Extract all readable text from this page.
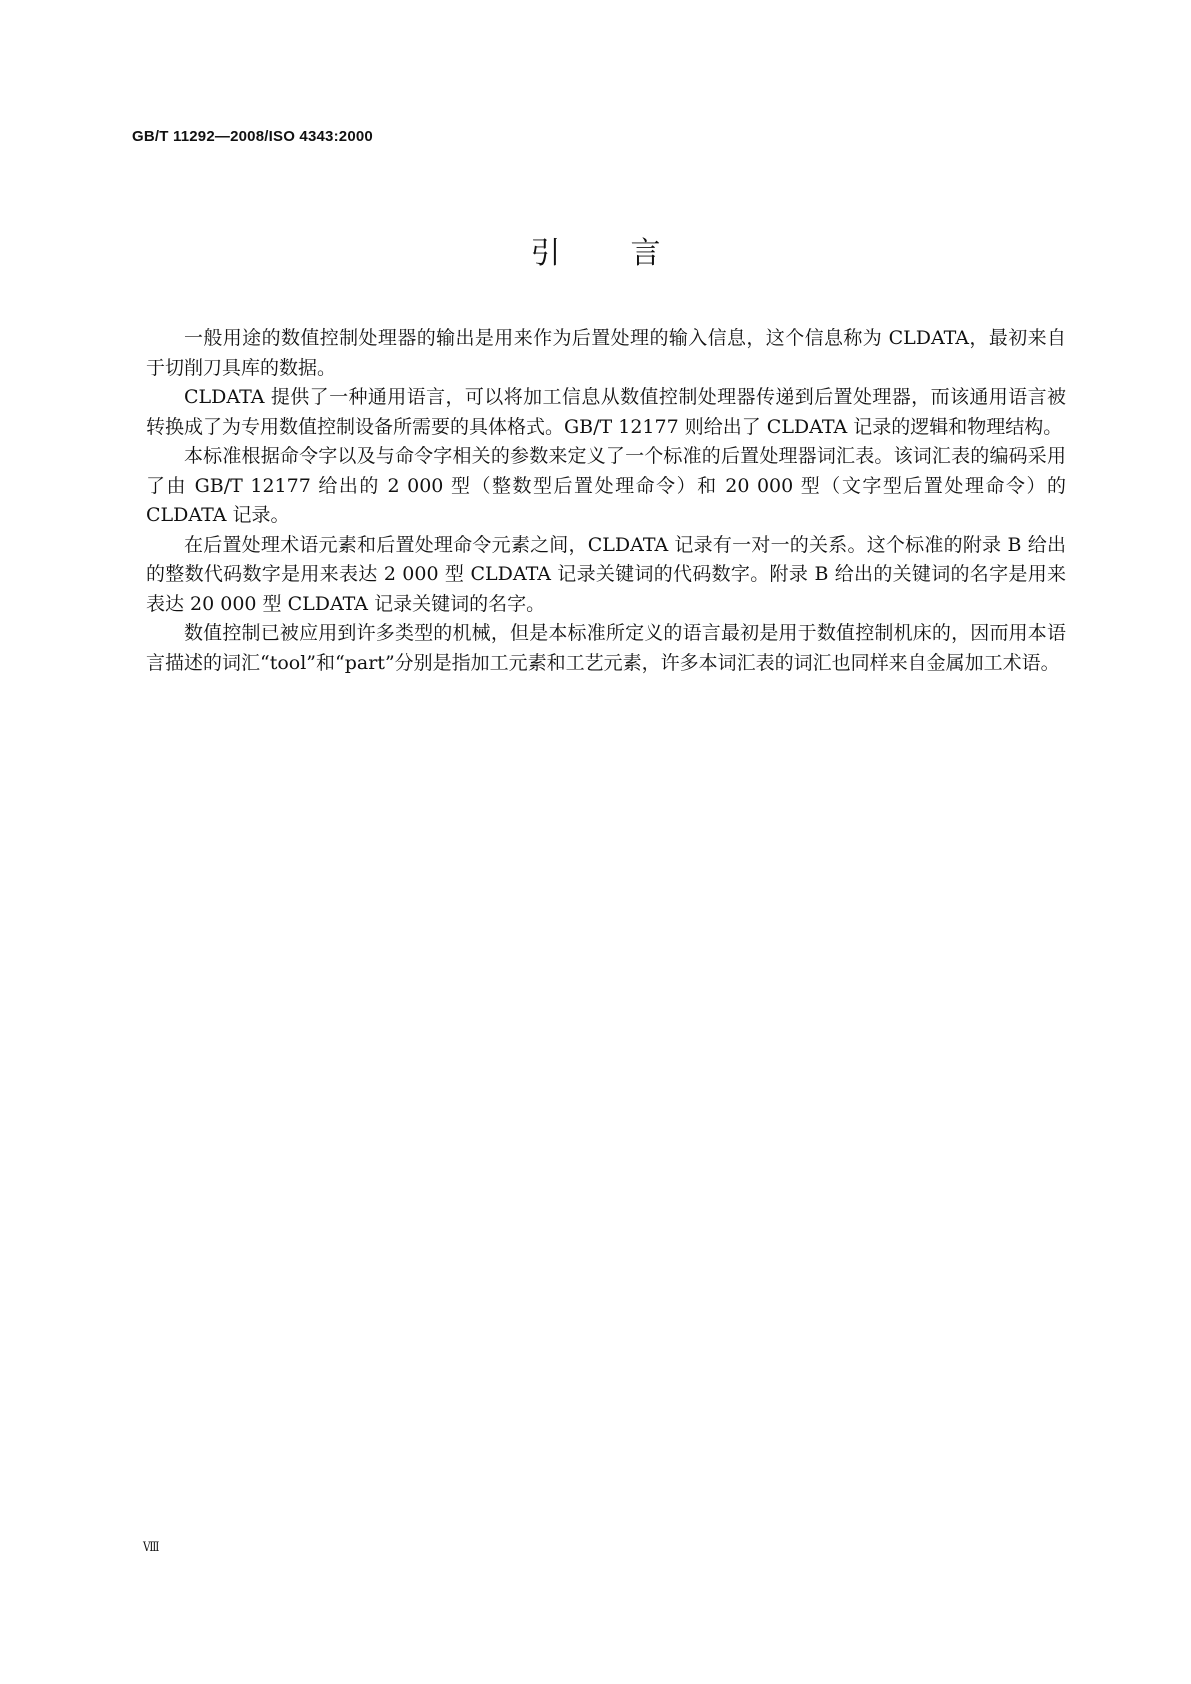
GB/T 11292—2008/ISO 4343:2000
引言

一般用途的数值控制处理器的输出是用来作为后置处理的输入信息，这个信息称为 CLDATA，最初来自于切削刀具库的数据。

CLDATA 提供了一种通用语言，可以将加工信息从数值控制处理器传递到后置处理器，而该通用语言被转换成了为专用数值控制设备所需要的具体格式。GB/T 12177 则给出了 CLDATA 记录的逻辑和物理结构。

本标准根据命令字以及与命令字相关的参数来定义了一个标准的后置处理器词汇表。该词汇表的编码采用了由 GB/T 12177 给出的 2 000 型（整数型后置处理命令）和 20 000 型（文字型后置处理命令）的 CLDATA 记录。

在后置处理术语元素和后置处理命令元素之间，CLDATA 记录有一对一的关系。这个标准的附录 B 给出的整数代码数字是用来表达 2 000 型 CLDATA 记录关键词的代码数字。附录 B 给出的关键词的名字是用来表达 20 000 型 CLDATA 记录关键词的名字。

数值控制已被应用到许多类型的机械，但是本标准所定义的语言最初是用于数值控制机床的，因而用本语言描述的词汇“tool”和“part”分别是指加工元素和工艺元素，许多本词汇表的词汇也同样来自金属加工术语。

Ⅷ
